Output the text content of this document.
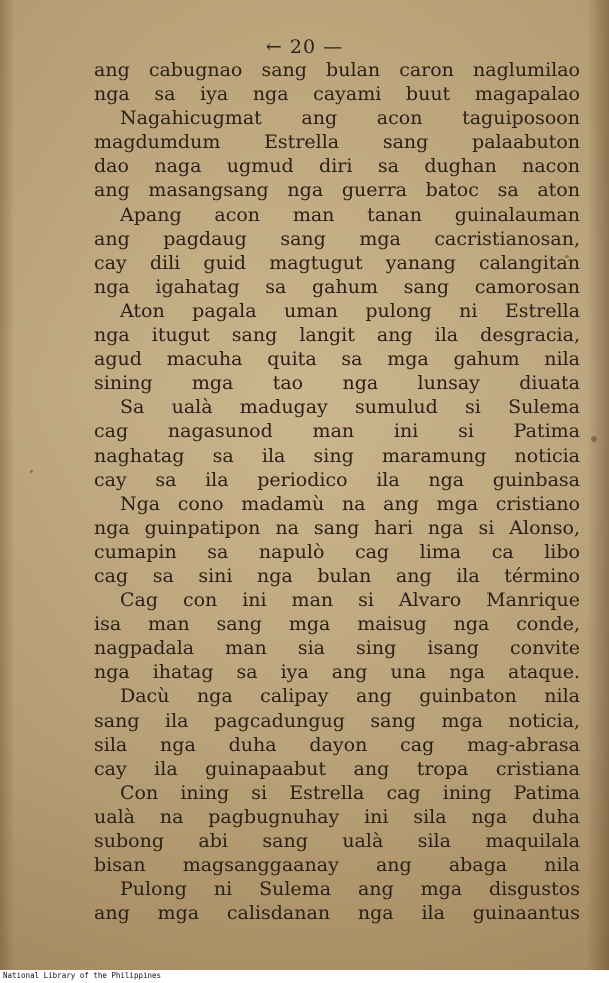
← 20 —
ang cabugnao sang bulan caron naglumilao
nga sa iya nga cayami buut magapalao
Nagahicugmat ang acon taguiposoon
magdumdum Estrella sang palaabuton
dao naga ugmud diri sa dughan nacon
ang masangsang nga guerra batoc sa aton
Apang acon man tanan guinalauman
ang pagdaug sang mga cacristianosan,
cay dili guid magtugut yanang calangitan
nga igahatag sa gahum sang camorosan
Aton pagala uman pulong ni Estrella
nga itugut sang langit ang ila desgracia,
agud macuha quita sa mga gahum nila
sining mga tao nga lunsay diuata
Sa ualà madugay sumulud si Sulema
cag nagasunod man ini si Patima
naghatag sa ila sing maramung noticia
cay sa ila periodico ila nga guinbasa
Nga cono madamù na ang mga cristiano
nga guinpatipon na sang hari nga si Alonso,
cumapin sa napulò cag lima ca libo
cag sa sini nga bulan ang ila término
Cag con ini man si Alvaro Manrique
isa man sang mga maisug nga conde,
nagpadala man sia sing isang convite
nga ihatag sa iya ang una nga ataque.
Dacù nga calipay ang guinbaton nila
sang ila pagcadungug sang mga noticia,
sila nga duha dayon cag mag-abrasa
cay ila guinapaabut ang tropa cristiana
Con ining si Estrella cag ining Patima
ualà na pagbugnuhay ini sila nga duha
subong abi sang ualà sila maquilala
bisan magsanggaanay ang abaga nila
Pulong ni Sulema ang mga disgustos
ang mga calisdanan nga ila guinaantus
National Library of the Philippines
